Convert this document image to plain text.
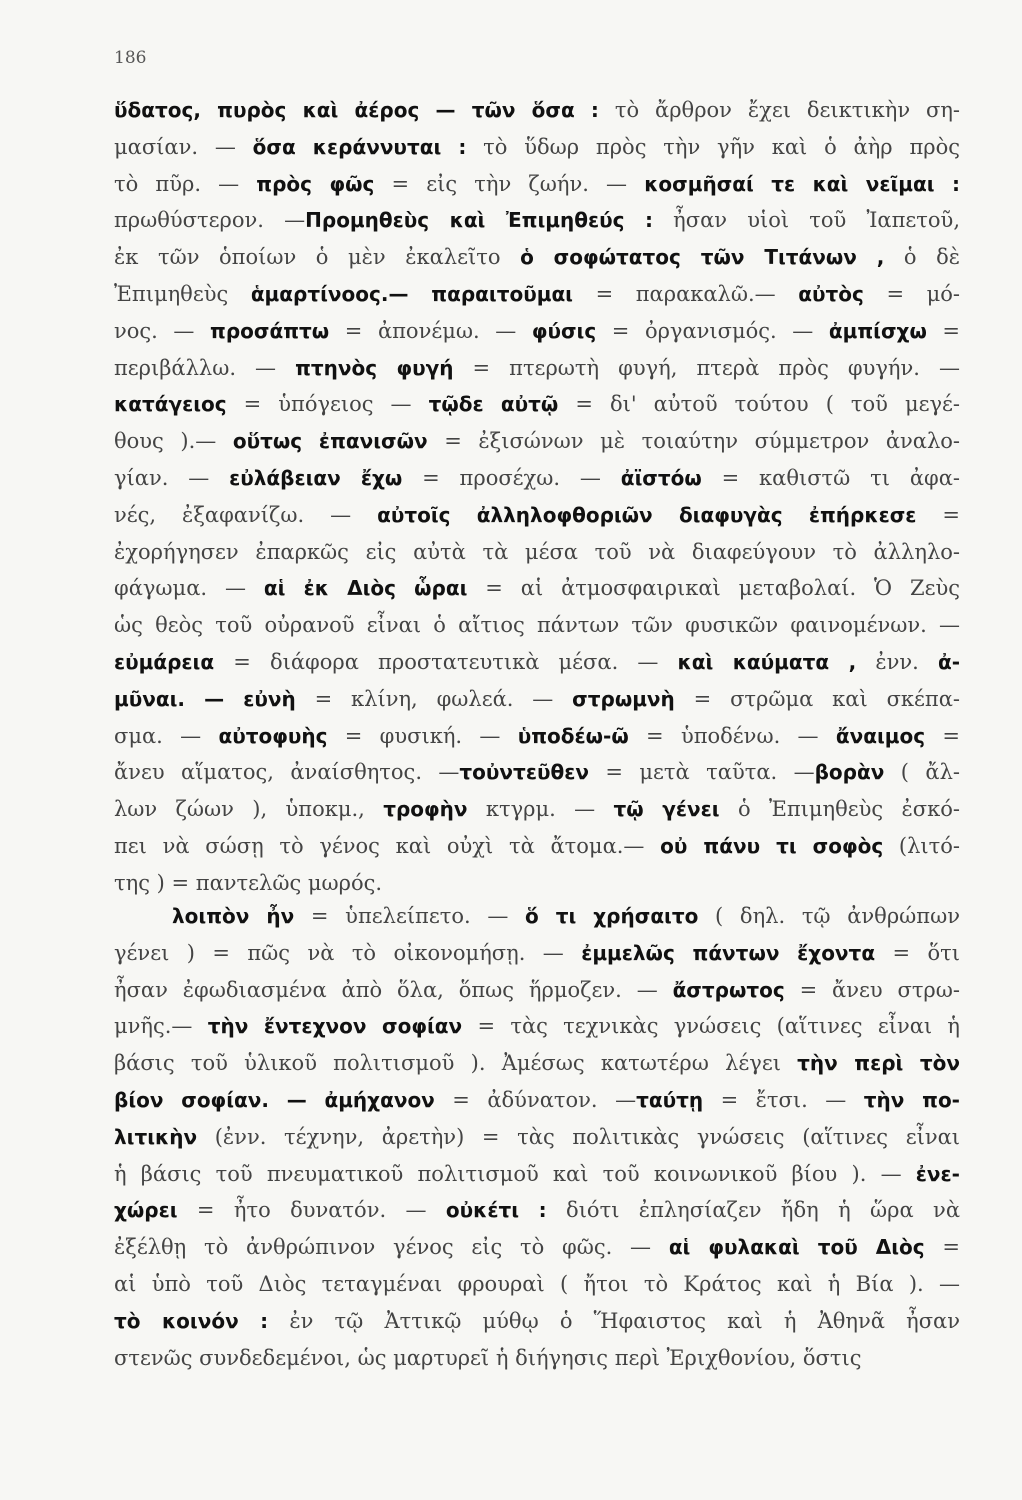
186
ὕδατος, πυρὸς καὶ ἀέρος — τῶν ὅσα : τὸ ἄρθρον ἔχει δεικτικὴν ση-
μασίαν. — ὅσα κεράννυται : τὸ ὕδωρ πρὸς τὴν γῆν καὶ ὁ ἀὴρ πρὸς
τὸ πῦρ. — πρὸς φῶς = εἰς τὴν ζωήν. — κοσμῆσαί τε καὶ νεῖμαι :
πρωθύστερον. —Προμηθεὺς καὶ Ἐπιμηθεύς : ἦσαν υἱοὶ τοῦ Ἰαπετοῦ,
ἐκ τῶν ὁποίων ὁ μὲν ἐκαλεῖτο ὁ σοφώτατος τῶν Τιτάνων , ὁ δὲ
Ἐπιμηθεὺς ἁμαρτίνοος.— παραιτοῦμαι = παρακαλῶ.— αὐτὸς = μό-
νος. — προσάπτω = ἀπονέμω. — φύσις = ὀργανισμός. — ἀμπίσχω =
περιβάλλω. — πτηνὸς φυγή = πτερωτὴ φυγή, πτερὰ πρὸς φυγήν. —
κατάγειος = ὑπόγειος — τῷδε αὐτῷ = δι' αὐτοῦ τούτου ( τοῦ μεγέ-
θους ).— οὕτως ἐπανισῶν = ἐξισώνων μὲ τοιαύτην σύμμετρον ἀναλο-
γίαν. — εὐλάβειαν ἔχω = προσέχω. — ἀϊστόω = καθιστῶ τι ἀφα-
νές, ἐξαφανίζω. — αὐτοῖς ἀλληλοφθοριῶν διαφυγὰς ἐπήρκεσε =
ἐχορήγησεν ἐπαρκῶς εἰς αὐτὰ τὰ μέσα τοῦ νὰ διαφεύγουν τὸ ἀλληλο-
φάγωμα. — αἱ ἐκ Διὸς ὧραι = αἱ ἀτμοσφαιρικαὶ μεταβολαί. Ὁ Ζεὺς
ὡς θεὸς τοῦ οὐρανοῦ εἶναι ὁ αἴτιος πάντων τῶν φυσικῶν φαινομένων. —
εὐμάρεια = διάφορα προστατευτικὰ μέσα. — καὶ καύματα , ἐνν. ἀ-
μῦναι. — εὐνὴ = κλίνη, φωλεά. — στρωμνὴ = στρῶμα καὶ σκέπα-
σμα. — αὐτοφυὴς = φυσική. — ὑποδέω-ῶ = ὑποδένω. — ἄναιμος =
ἄνευ αἵματος, ἀναίσθητος. —τοὐντεῦθεν = μετὰ ταῦτα. —βορὰν ( ἄλ-
λων ζώων ), ὑποκμ., τροφὴν κτγρμ. — τῷ γένει ὁ Ἐπιμηθεὺς ἐσκό-
πει νὰ σώσῃ τὸ γένος καὶ οὐχὶ τὰ ἄτομα.— οὐ πάνυ τι σοφὸς (λιτό-
της ) = παντελῶς μωρός.
λοιπὸν ἦν = ὑπελείπετο. — ὅ τι χρήσαιτο ( δηλ. τῷ ἀνθρώπων
γένει ) = πῶς νὰ τὸ οἰκονομήσῃ. — ἐμμελῶς πάντων ἔχοντα = ὅτι
ἦσαν ἐφωδιασμένα ἀπὸ ὅλα, ὅπως ἥρμοζεν. — ἄστρωτος = ἄνευ στρω-
μνῆς.— τὴν ἔντεχνον σοφίαν = τὰς τεχνικὰς γνώσεις (αἵτινες εἶναι ἡ
βάσις τοῦ ὑλικοῦ πολιτισμοῦ ). Ἀμέσως κατωτέρω λέγει τὴν περὶ τὸν
βίον σοφίαν. — ἀμήχανον = ἀδύνατον. —ταύτῃ = ἔτσι. — τὴν πο-
λιτικὴν (ἐνν. τέχνην, ἀρετὴν) = τὰς πολιτικὰς γνώσεις (αἵτινες εἶναι
ἡ βάσις τοῦ πνευματικοῦ πολιτισμοῦ καὶ τοῦ κοινωνικοῦ βίου ). — ἐνε-
χώρει = ἦτο δυνατόν. — οὐκέτι : διότι ἐπλησίαζεν ἤδη ἡ ὥρα νὰ
ἐξέλθῃ τὸ ἀνθρώπινον γένος εἰς τὸ φῶς. — αἱ φυλακαὶ τοῦ Διὸς =
αἱ ὑπὸ τοῦ Διὸς τεταγμέναι φρουραὶ ( ἤτοι τὸ Κράτος καὶ ἡ Βία ). —
τὸ κοινόν : ἐν τῷ Ἀττικῷ μύθῳ ὁ Ἥφαιστος καὶ ἡ Ἀθηνᾶ ἦσαν
στενῶς συνδεδεμένοι, ὡς μαρτυρεῖ ἡ διήγησις περὶ Ἐριχθονίου, ὅστις
